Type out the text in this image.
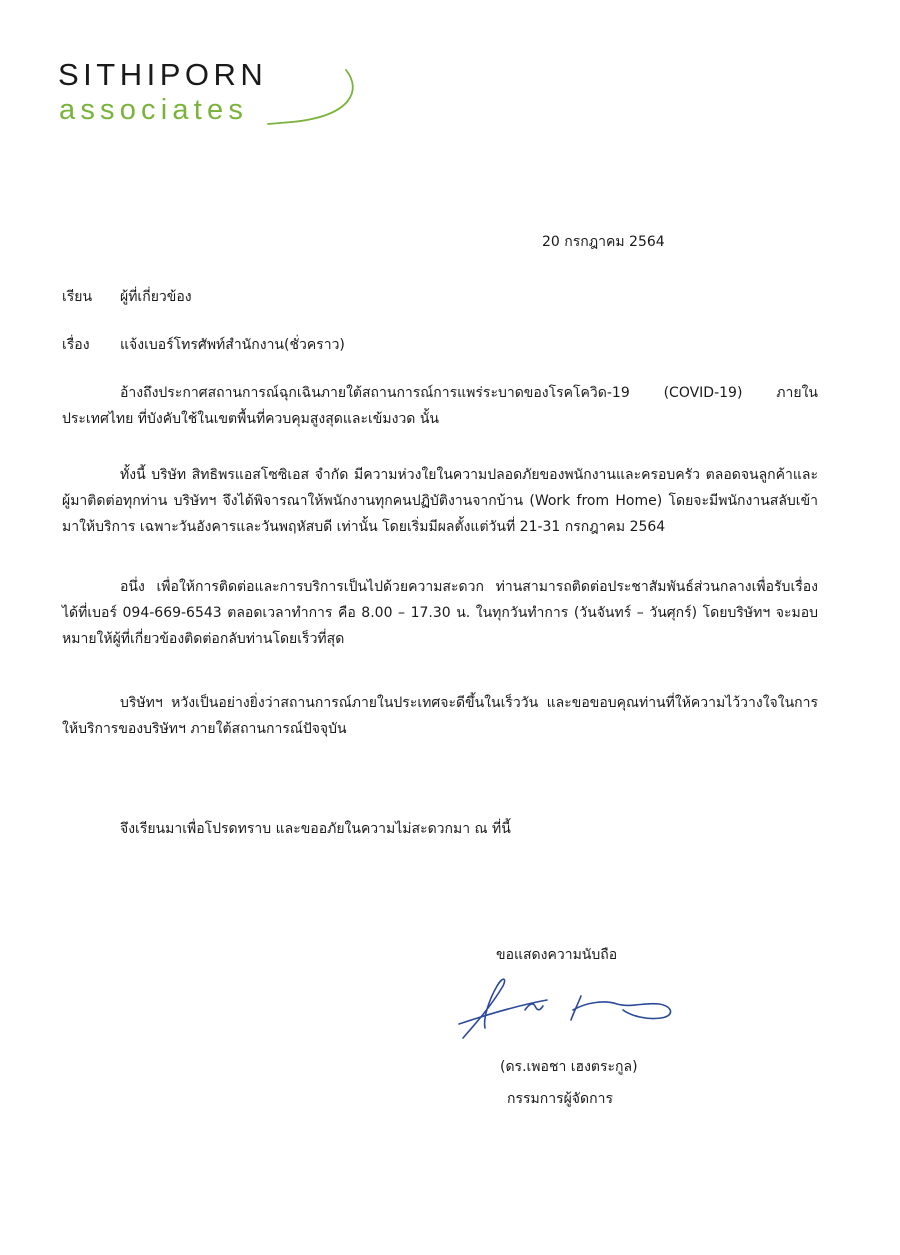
SITHIPORN
associates
20 กรกฎาคม 2564
เรียน ผู้ที่เกี่ยวข้อง
เรื่อง แจ้งเบอร์โทรศัพท์สำนักงาน(ชั่วคราว)

อ้างถึงประกาศสถานการณ์ฉุกเฉินภายใต้สถานการณ์การแพร่ระบาดของโรคโควิด-19 (COVID-19) ภายในประเทศไทย ที่บังคับใช้ในเขตพื้นที่ควบคุมสูงสุดและเข้มงวด นั้น

ทั้งนี้ บริษัท สิทธิพรแอสโซซิเอส จำกัด มีความห่วงใยในความปลอดภัยของพนักงานและครอบครัว ตลอดจนลูกค้าและผู้มาติดต่อทุกท่าน บริษัทฯ จึงได้พิจารณาให้พนักงานทุกคนปฏิบัติงานจากบ้าน (Work from Home) โดยจะมีพนักงานสลับเข้ามาให้บริการ เฉพาะวันอังคารและวันพฤหัสบดี เท่านั้น โดยเริ่มมีผลตั้งแต่วันที่ 21-31 กรกฎาคม 2564

อนึ่ง เพื่อให้การติดต่อและการบริการเป็นไปด้วยความสะดวก ท่านสามารถติดต่อประชาสัมพันธ์ส่วนกลางเพื่อรับเรื่องได้ที่เบอร์ 094-669-6543 ตลอดเวลาทำการ คือ 8.00 – 17.30 น. ในทุกวันทำการ (วันจันทร์ – วันศุกร์) โดยบริษัทฯ จะมอบหมายให้ผู้ที่เกี่ยวข้องติดต่อกลับท่านโดยเร็วที่สุด

บริษัทฯ หวังเป็นอย่างยิ่งว่าสถานการณ์ภายในประเทศจะดีขึ้นในเร็ววัน และขอขอบคุณท่านที่ให้ความไว้วางใจในการให้บริการของบริษัทฯ ภายใต้สถานการณ์ปัจจุบัน

จึงเรียนมาเพื่อโปรดทราบ และขออภัยในความไม่สะดวกมา ณ ที่นี้
ขอแสดงความนับถือ
(ดร.เพอชา เฮงตระกูล)
กรรมการผู้จัดการ
